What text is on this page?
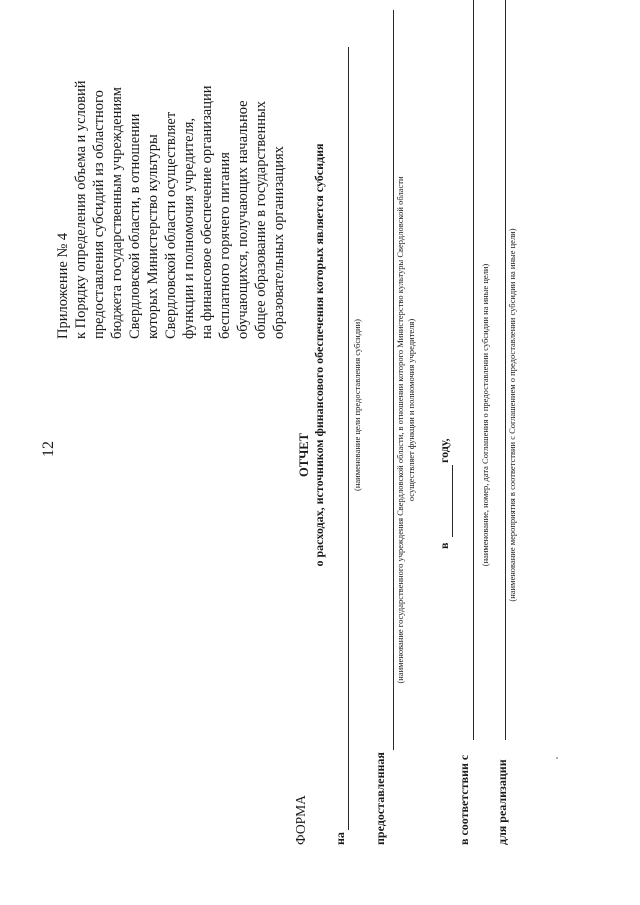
12
Приложение № 4 к Порядку определения объема и условий предоставления субсидий из областного бюджета государственным учреждениям Свердловской области, в отношении которых Министерство культуры Свердловской области осуществляет функции и полномочия учредителя, на финансовое обеспечение организации бесплатного горячего питания обучающихся, получающих начальное общее образование в государственных образовательных организациях
ФОРМА
ОТЧЕТ о расходах, источником финансового обеспечения которых является субсидия
на
(наименование цели предоставления субсидии)
предоставленная
(наименование государственного учреждения Свердловской области, в отношении которого Министерство культуры Свердловской области осуществляет функции и полномочия учредителя)
в
году,
в соответствии с
(наименование, номер, дата Соглашения о предоставлении субсидии на иные цели)
для реализации
(наименование мероприятия в соответствии с Соглашением о предоставлении субсидии на иные цели)
